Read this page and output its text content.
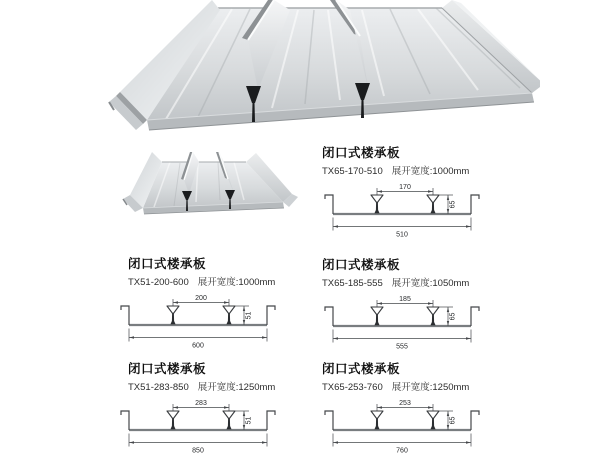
闭口式楼承板
TX65-170-510 展开宽度:1000mm
170
65
510
闭口式楼承板
TX51-200-600 展开宽度:1000mm
200
51
600
闭口式楼承板
TX65-185-555 展开宽度:1050mm
185
65
555
闭口式楼承板
TX51-283-850 展开宽度:1250mm
283
51
850
闭口式楼承板
TX65-253-760 展开宽度:1250mm
253
65
760
